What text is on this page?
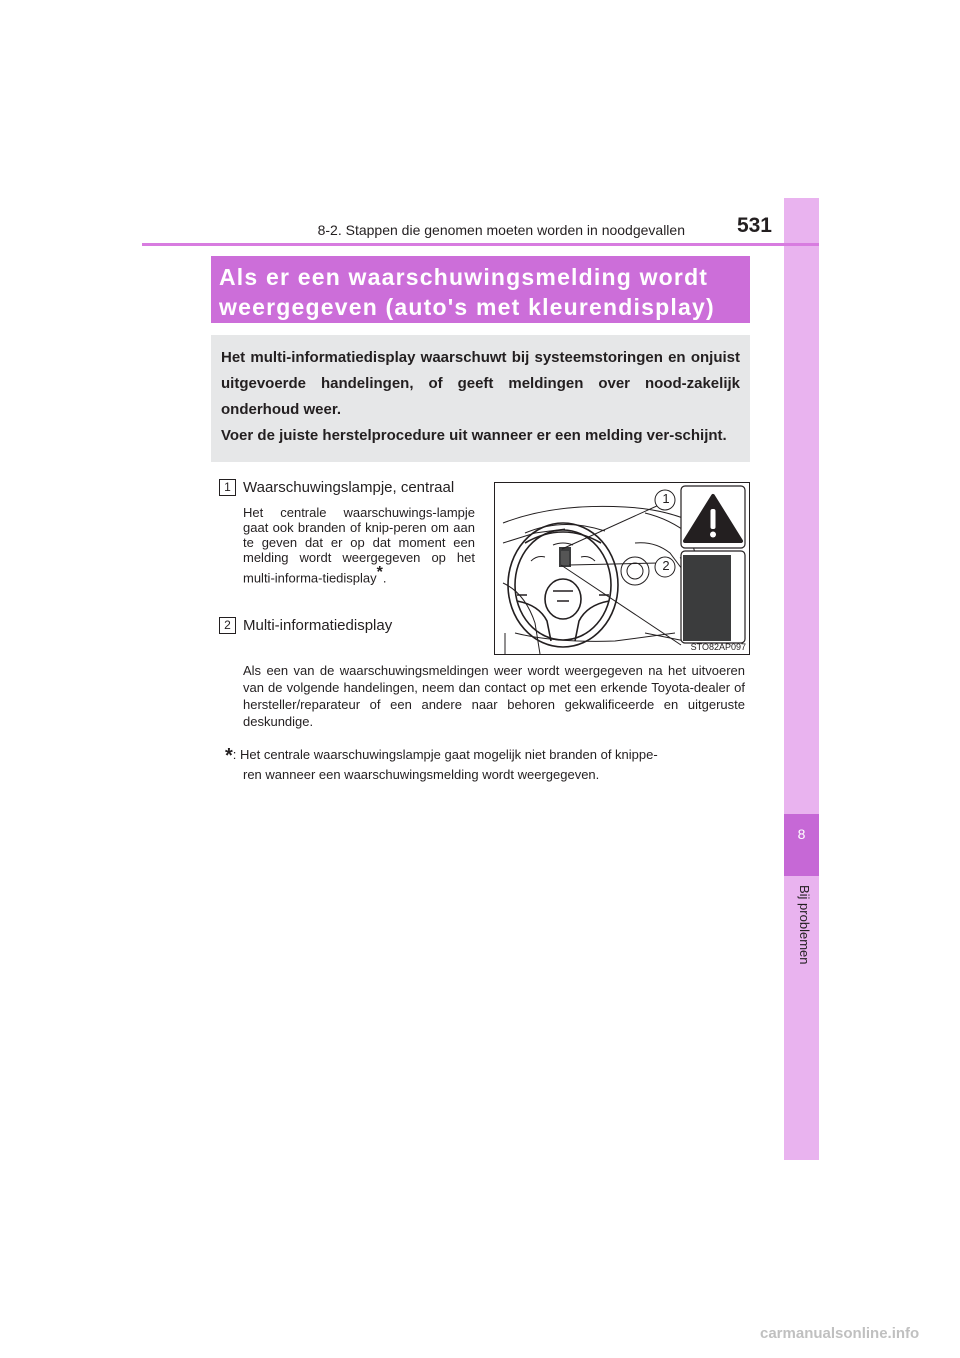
8
Bij problemen
8-2. Stappen die genomen moeten worden in noodgevallen	531
Als er een waarschuwingsmelding wordt
weergegeven (auto's met kleurendisplay)

Het multi-informatiedisplay waarschuwt bij systeemstoringen en onjuist uitgevoerde handelingen, of geeft meldingen over nood-zakelijk onderhoud weer.

Voer de juiste herstelprocedure uit wanneer er een melding ver-schijnt.

1 Waarschuwingslampje, centraal
Het centrale waarschuwings-lampje gaat ook branden of knip-peren om aan te geven dat er op dat moment een melding wordt weergegeven op het multi-informa-tiedisplay*.
2 Multi-informatiedisplay
1
2
STO82AP097
Als een van de waarschuwingsmeldingen weer wordt weergegeven na het uitvoeren van de volgende handelingen, neem dan contact op met een erkende Toyota-dealer of hersteller/reparateur of een andere naar behoren gekwalificeerde en uitgeruste deskundige.
*: Het centrale waarschuwingslampje gaat mogelijk niet branden of knippe-
ren wanneer een waarschuwingsmelding wordt weergegeven.
carmanualsonline.info
